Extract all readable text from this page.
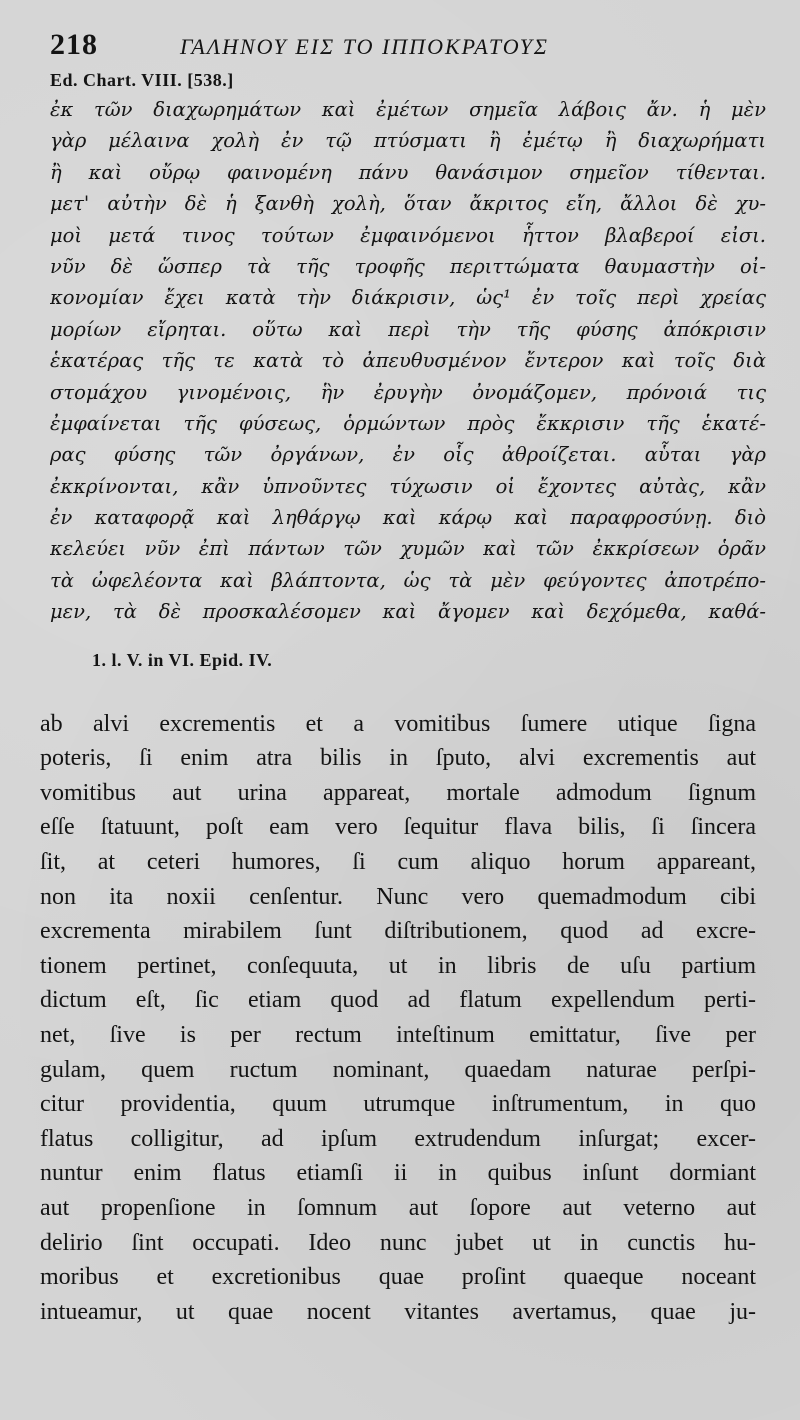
218	ΓΑΛΗΝΟΥ ΕΙΣ ΤΟ ΙΠΠΟΚΡΑΤΟΥΣ
Ed. Chart. VIII. [538.]
ἐκ τῶν διαχωρημάτων καὶ ἐμέτων σημεῖα λάβοις ἄν. ἡ μὲν
γὰρ μέλαινα χολὴ ἐν τῷ πτύσματι ἢ ἐμέτῳ ἢ διαχωρήματι
ἢ καὶ οὔρῳ φαινομένη πάνυ θανάσιμον σημεῖον τίθενται.
μετ' αὐτὴν δὲ ἡ ξανθὴ χολὴ, ὅταν ἄκριτος εἴη, ἄλλοι δὲ χυ-
μοὶ μετά τινος τούτων ἐμφαινόμενοι ἧττον βλαβεροί εἰσι.
νῦν δὲ ὥσπερ τὰ τῆς τροφῆς περιττώματα θαυμαστὴν οἰ-
κονομίαν ἔχει κατὰ τὴν διάκρισιν, ὡς¹ ἐν τοῖς περὶ χρείας
μορίων εἴρηται. οὕτω καὶ περὶ τὴν τῆς φύσης ἀπόκρισιν
ἑκατέρας τῆς τε κατὰ τὸ ἀπευθυσμένον ἔντερον καὶ τοῖς διὰ
στομάχου γινομένοις, ἣν ἐρυγὴν ὀνομάζομεν, πρόνοιά τις
ἐμφαίνεται τῆς φύσεως, ὁρμώντων πρὸς ἔκκρισιν τῆς ἑκατέ-
ρας φύσης τῶν ὀργάνων, ἐν οἷς ἀθροίζεται. αὗται γὰρ
ἐκκρίνονται, κἂν ὑπνοῦντες τύχωσιν οἱ ἔχοντες αὐτὰς, κἂν
ἐν καταφορᾷ καὶ ληθάργῳ καὶ κάρῳ καὶ παραφροσύνῃ. διὸ
κελεύει νῦν ἐπὶ πάντων τῶν χυμῶν καὶ τῶν ἐκκρίσεων ὁρᾶν
τὰ ὠφελέοντα καὶ βλάπτοντα, ὡς τὰ μὲν φεύγοντες ἀποτρέπο-
μεν, τὰ δὲ προσκαλέσομεν καὶ ἄγομεν καὶ δεχόμεθα, καθά-
1. l. V. in VI. Epid. IV.
ab alvi excrementis et a vomitibus ſumere utique ſigna
poteris, ſi enim atra bilis in ſputo, alvi excrementis aut
vomitibus aut urina appareat, mortale admodum ſignum
eſſe ſtatuunt, poſt eam vero ſequitur flava bilis, ſi ſincera
ſit, at ceteri humores, ſi cum aliquo horum appareant,
non ita noxii cenſentur. Nunc vero quemadmodum cibi
excrementa mirabilem ſunt diſtributionem, quod ad excre-
tionem pertinet, conſequuta, ut in libris de uſu partium
dictum eſt, ſic etiam quod ad flatum expellendum perti-
net, ſive is per rectum inteſtinum emittatur, ſive per
gulam, quem ructum nominant, quaedam naturae perſpi-
citur providentia, quum utrumque inſtrumentum, in quo
flatus colligitur, ad ipſum extrudendum inſurgat; excer-
nuntur enim flatus etiamſi ii in quibus inſunt dormiant
aut propenſione in ſomnum aut ſopore aut veterno aut
delirio ſint occupati. Ideo nunc jubet ut in cunctis hu-
moribus et excretionibus quae proſint quaeque noceant
intueamur, ut quae nocent vitantes avertamus, quae ju-
